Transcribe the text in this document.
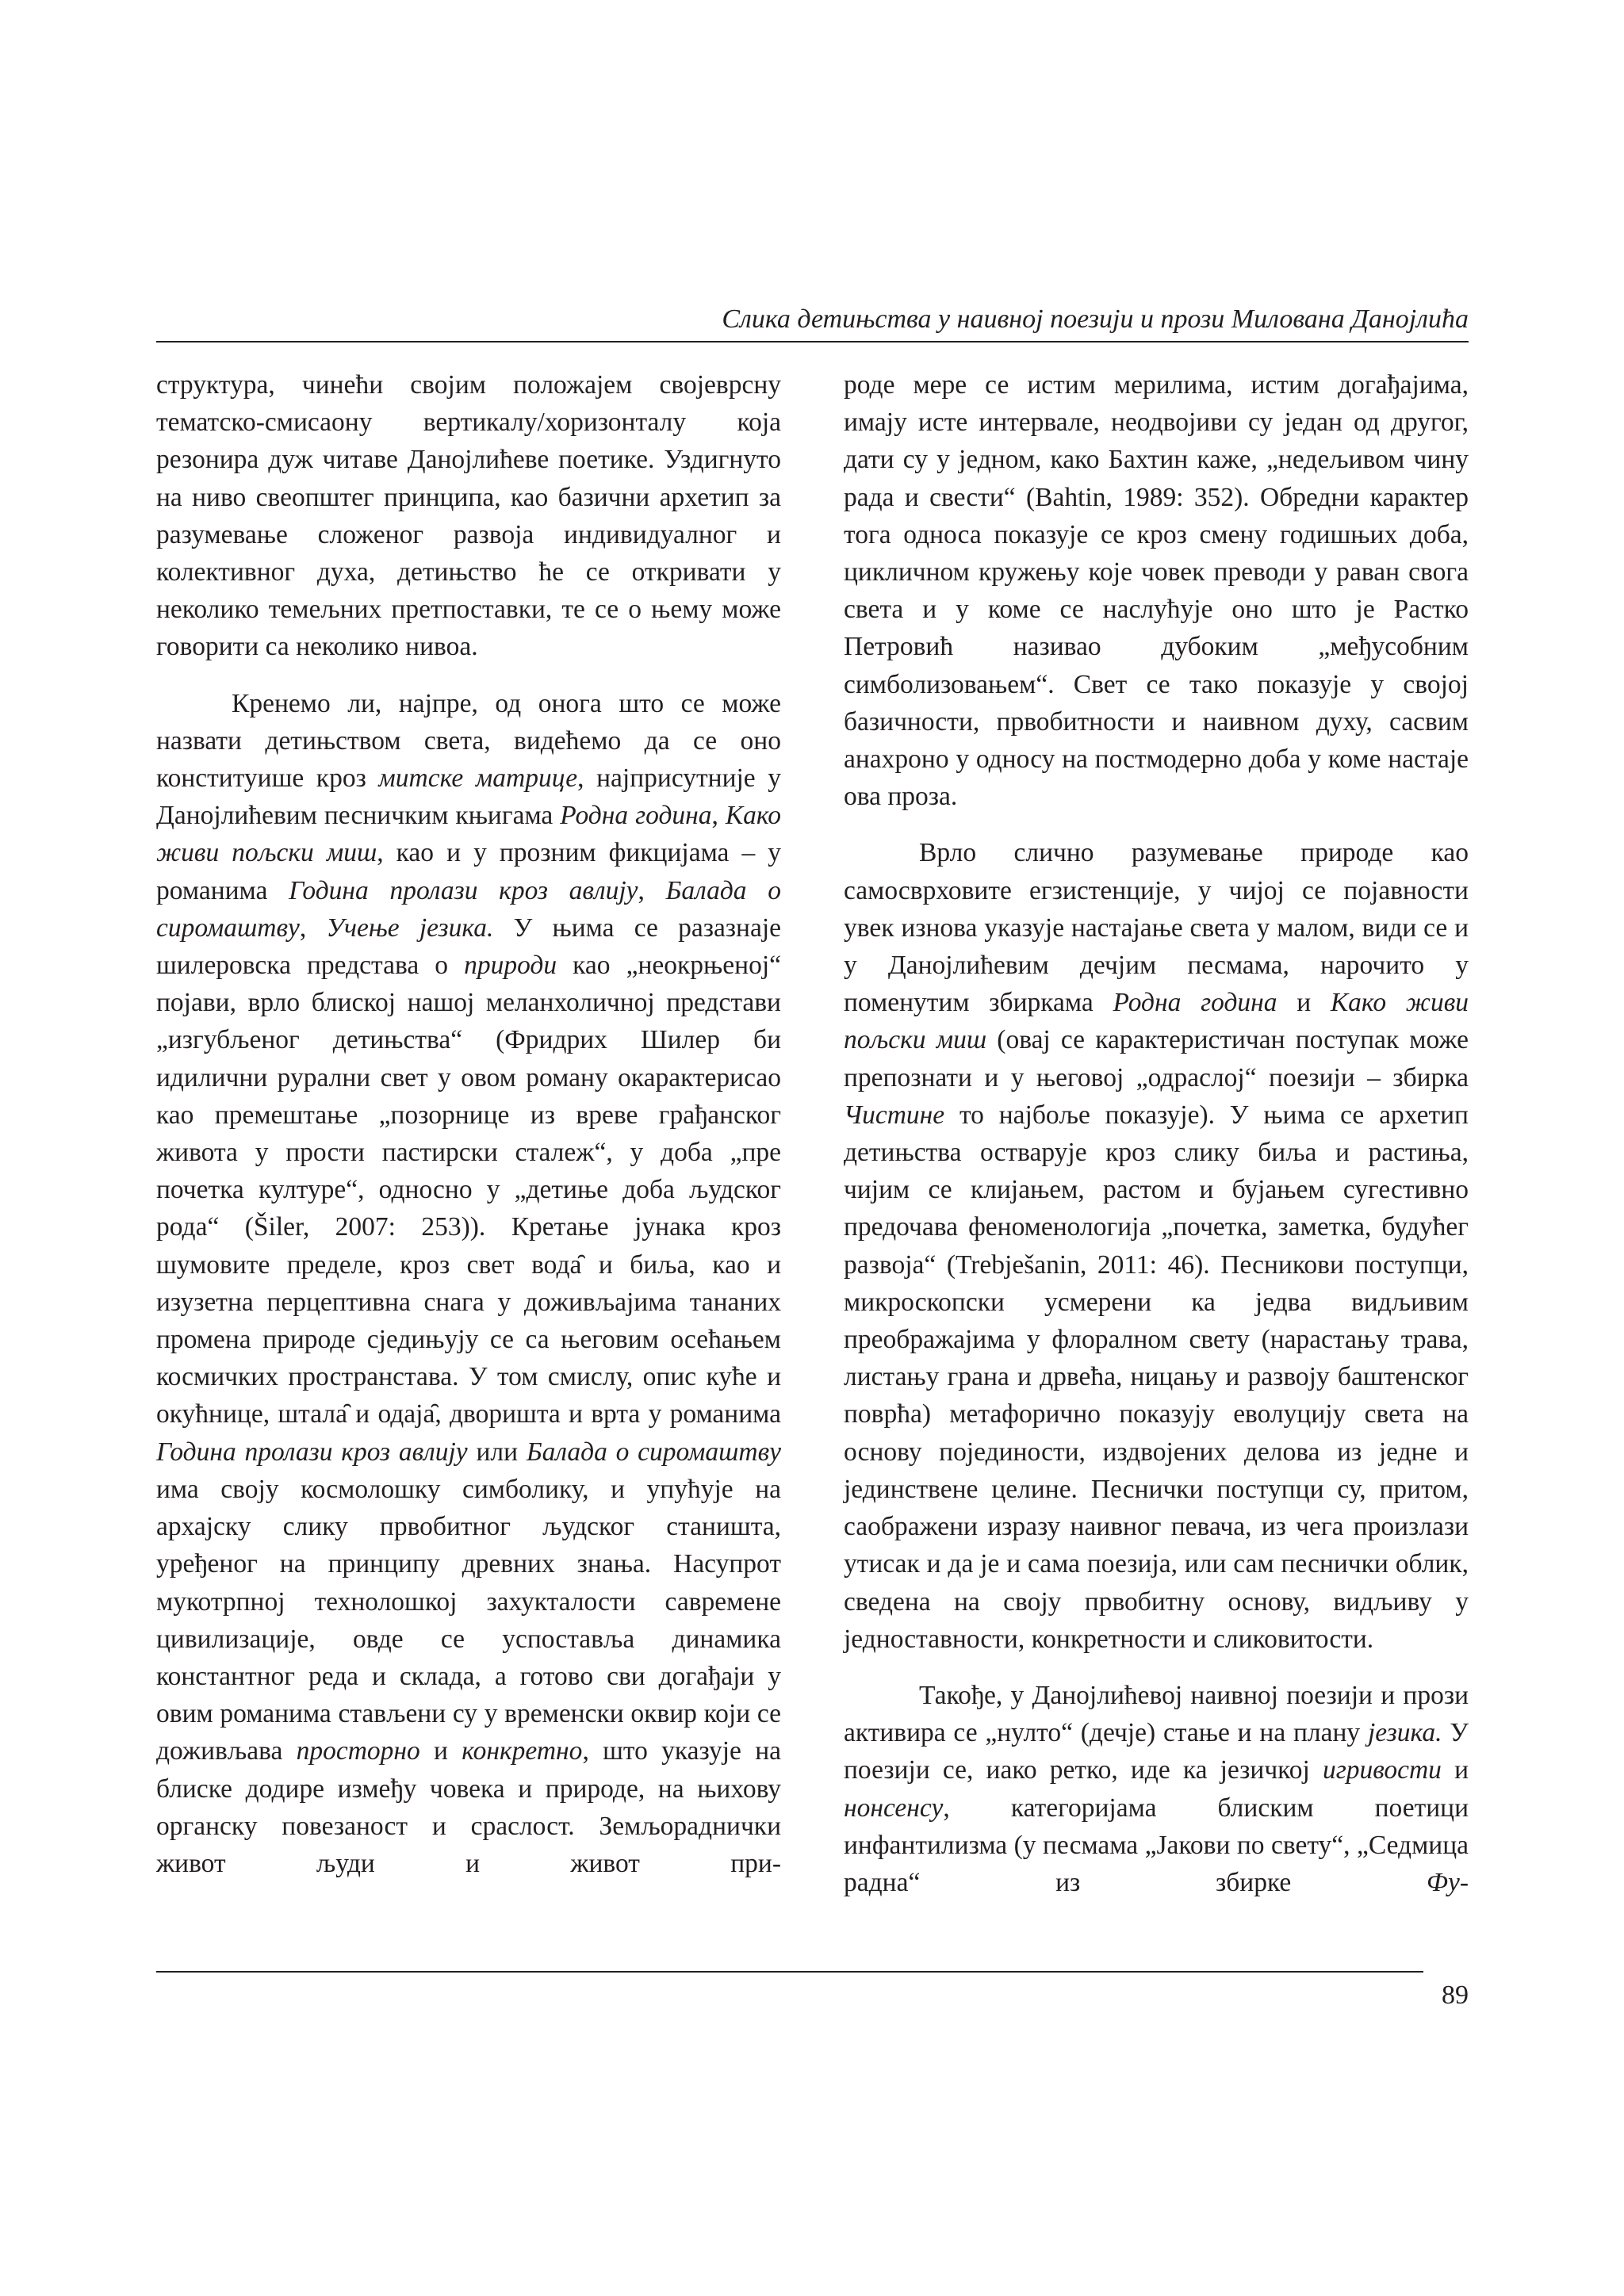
Слика детињства у наивној поезији и прози Милована Данојлића

структура, чинећи својим положајем својеврсну тематско-смисаону вертикалу/хоризонталу која резонира дуж читаве Данојлићеве поетике. Уздигнуто на ниво свеопштег принципа, као базични архетип за разумевање сложеног развоја индивидуалног и колективног духа, детињство ће се откривати у неколико темељних претпоставки, те се о њему може говорити са неколико нивоа.

Кренемо ли, најпре, од онога што се може назвати детињством света, видећемо да се оно конституише кроз митске матрице, најприсутније у Данојлићевим песничким књигама Родна година, Како живи пољски миш, као и у прозним фикцијама – у романима Година пролази кроз авлију, Балада о сиромаштву, Учење језика. У њима се разазнаје шилеровска представа о природи као „неокрњеној“ појави, врло блиској нашој меланхоличној представи „изгубљеног детињства“ (Фридрих Шилер би идилични рурални свет у овом роману окарактерисао као премештање „позорнице из вреве грађанског живота у прости пастирски сталеж“, у доба „пре почетка културе“, односно у „детиње доба људског рода“ (Šiler, 2007: 253)). Кретање јунака кроз шумовите пределе, кроз свет вода̑ и биља, као и изузетна перцептивна снага у доживљајима тананих промена природе сједињују се са његовим осећањем космичких пространстава. У том смислу, опис куће и окућнице, штала̑ и одаја̑, дворишта и врта у романима Година пролази кроз авлију или Балада о сиромаштву има своју космолошку симболику, и упућује на архајску слику првобитног људског станишта, уређеног на принципу древних знања. Насупрот мукотрпној технолошкој захукталости савремене цивилизације, овде се успоставља динамика константног реда и склада, а готово сви догађаји у овим романима стављени су у временски оквир који се доживљава просторно и конкретно, што указује на блиске додире између човека и природе, на њихову органску повезаност и сраслост. Земљораднички живот људи и живот при-

роде мере се истим мерилима, истим догађајима, имају исте интервале, неодвојиви су један од другог, дати су у једном, како Бахтин каже, „недељивом чину рада и свести“ (Bahtin, 1989: 352). Обредни карактер тога односа показује се кроз смену годишњих доба, цикличном кружењу које човек преводи у раван свога света и у коме се наслућује оно што је Растко Петровић називао дубоким „међусобним симболизовањем“. Свет се тако показује у својој базичности, првобитности и наивном духу, сасвим анахроно у односу на постмодерно доба у коме настаје ова проза.

Врло слично разумевање природе као самосврховите егзистенције, у чијој се појавности увек изнова указује настајање света у малом, види се и у Данојлићевим дечјим песмама, нарочито у поменутим збиркама Родна година и Како живи пољски миш (овај се карактеристичан поступак може препознати и у његовој „одраслој“ поезији – збирка Чистине то најбоље показује). У њима се архетип детињства остварује кроз слику биља и растиња, чијим се клијањем, растом и бујањем сугестивно предочава феноменологија „почетка, заметка, будућег развоја“ (Trebješanin, 2011: 46). Песникови поступци, микроскопски усмерени ка једва видљивим преображајима у флоралном свету (нарастању трава, листању грана и дрвећа, ницању и развоју баштенског поврћа) метафорично показују еволуцију света на основу појединости, издвојених делова из једне и јединствене целине. Песнички поступци су, притом, саображени изразу наивног певача, из чега произлази утисак и да је и сама поезија, или сам песнички облик, сведена на своју првобитну основу, видљиву у једноставности, конкретности и сликовитости.

Такође, у Данојлићевој наивној поезији и прози активира се „нулто“ (дечје) стање и на плану језика. У поезији се, иако ретко, иде ка језичкој игривости и нонсенсу, категоријама блиским поетици инфантилизма (у песмама „Јакови по свету“, „Седмица радна“ из збирке Фу-

89
